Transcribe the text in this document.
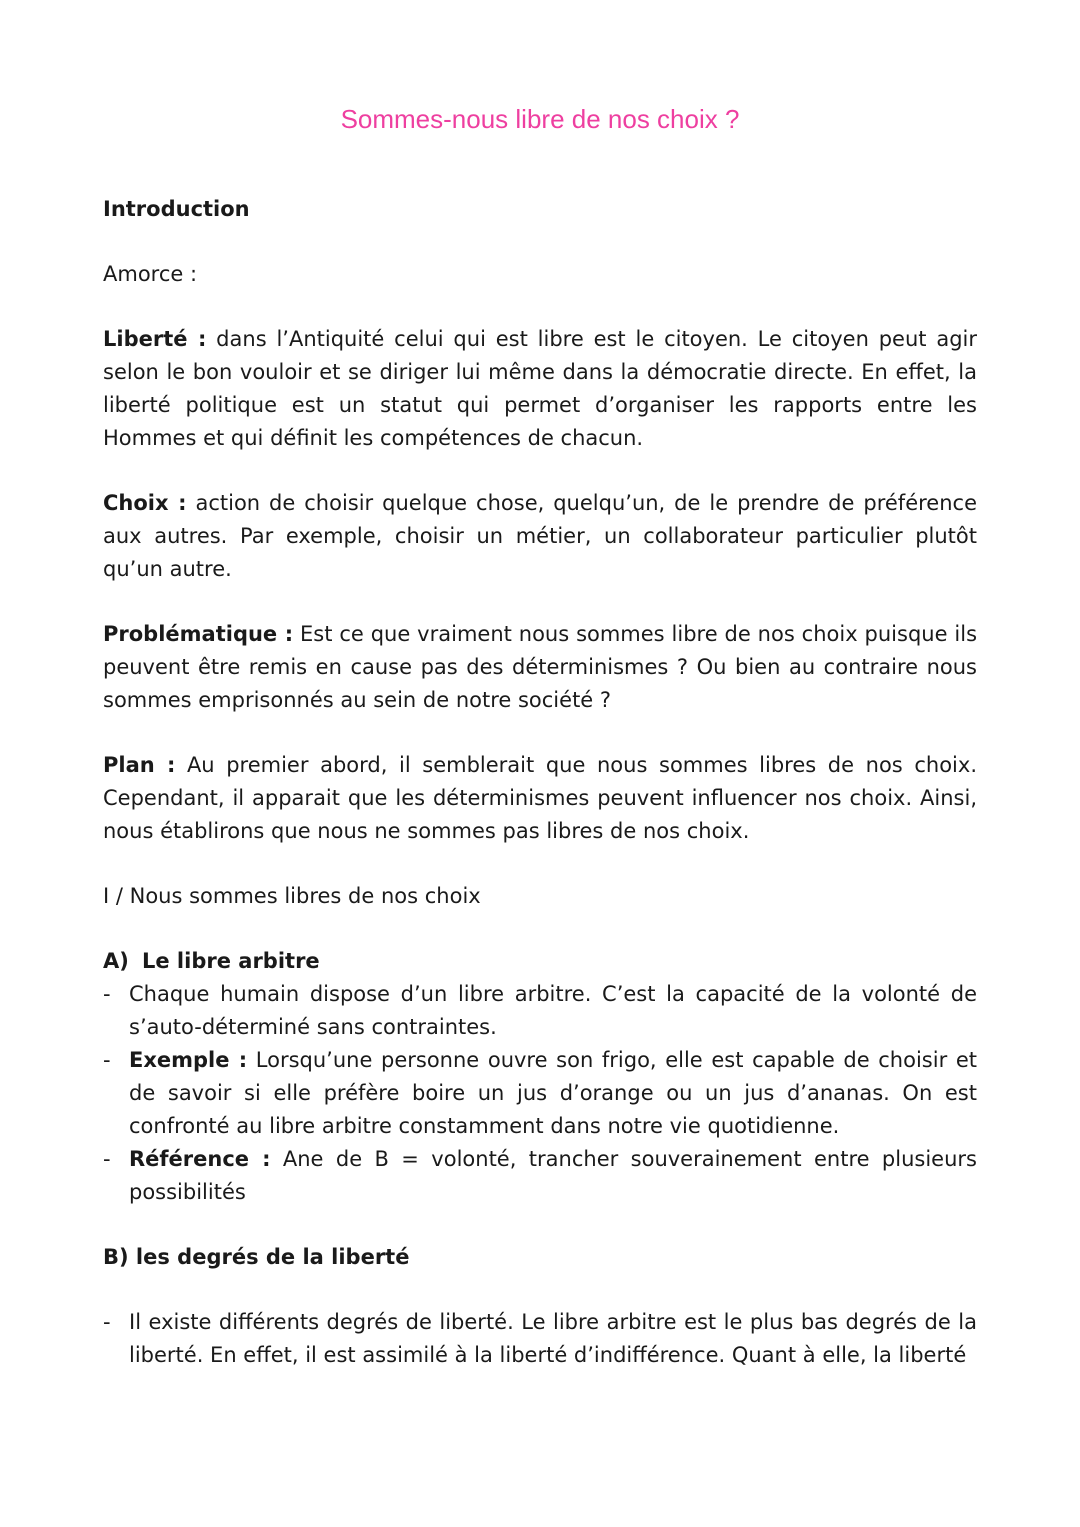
Sommes-nous libre de nos choix ?

Introduction

Amorce :

Liberté : dans l’Antiquité celui qui est libre est le citoyen. Le citoyen peut agir selon le bon vouloir et se diriger lui même dans la démocratie directe. En effet, la liberté politique est un statut qui permet d’organiser les rapports entre les Hommes et qui définit les compétences de chacun.

Choix : action de choisir quelque chose, quelqu’un, de le prendre de préférence aux autres. Par exemple, choisir un métier, un collaborateur particulier plutôt qu’un autre.

Problématique : Est ce que vraiment nous sommes libre de nos choix puisque ils peuvent être remis en cause pas des déterminismes ? Ou bien au contraire nous sommes emprisonnés au sein de notre société ?

Plan : Au premier abord, il semblerait que nous sommes libres de nos choix. Cependant, il apparait que les déterminismes peuvent influencer nos choix. Ainsi, nous établirons que nous ne sommes pas libres de nos choix.

I / Nous sommes libres de nos choix

A) Le libre arbitre

- Chaque humain dispose d’un libre arbitre. C’est la capacité de la volonté de s’auto-déterminé sans contraintes.
- Exemple : Lorsqu’une personne ouvre son frigo, elle est capable de choisir et de savoir si elle préfère boire un jus d’orange ou un jus d’ananas. On est confronté au libre arbitre constamment dans notre vie quotidienne.
- Référence : Ane de B = volonté, trancher souverainement entre plusieurs possibilités

B) les degrés de la liberté

- Il existe différents degrés de liberté. Le libre arbitre est le plus bas degrés de la liberté. En effet, il est assimilé à la liberté d’indifférence. Quant à elle, la liberté
